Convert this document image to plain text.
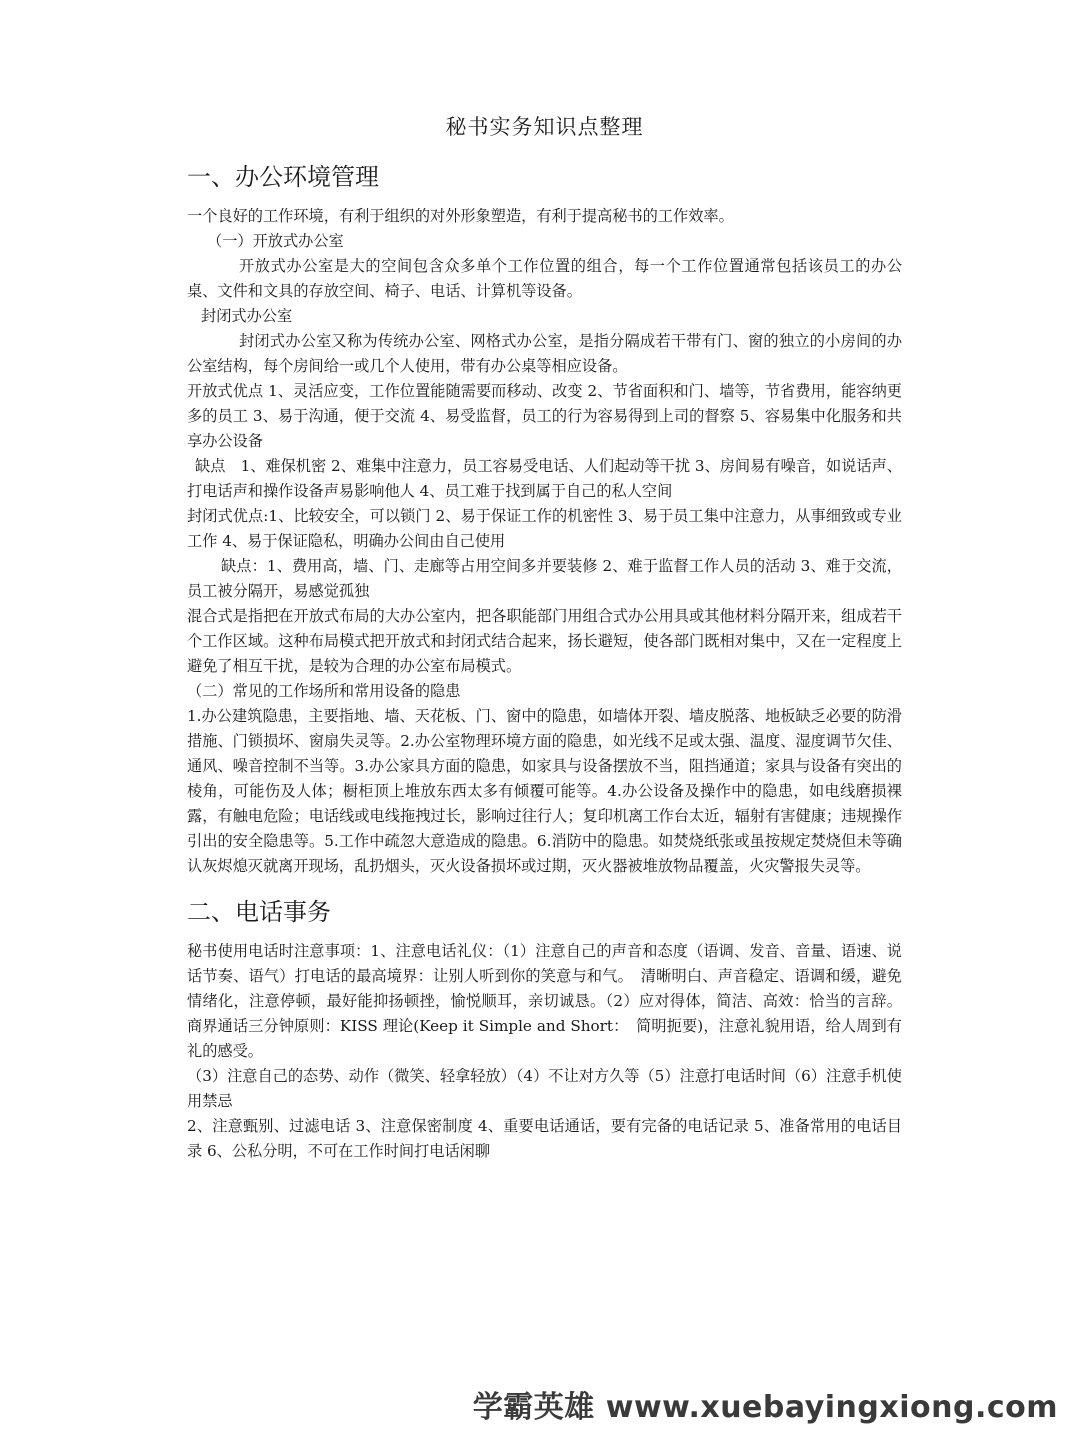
秘书实务知识点整理
一、办公环境管理

一个良好的工作环境，有利于组织的对外形象塑造，有利于提高秘书的工作效率。

（一）开放式办公室

开放式办公室是大的空间包含众多单个工作位置的组合，每一个工作位置通常包括该员工的办公桌、文件和文具的存放空间、椅子、电话、计算机等设备。

封闭式办公室

封闭式办公室又称为传统办公室、网格式办公室，是指分隔成若干带有门、窗的独立的小房间的办公室结构，每个房间给一或几个人使用，带有办公桌等相应设备。

开放式优点 1、灵活应变，工作位置能随需要而移动、改变 2、节省面积和门、墙等，节省费用，能容纳更多的员工 3、易于沟通，便于交流 4、易受监督，员工的行为容易得到上司的督察 5、容易集中化服务和共享办公设备

缺点　1、难保机密 2、难集中注意力，员工容易受电话、人们起动等干扰 3、房间易有噪音，如说话声、打电话声和操作设备声易影响他人 4、员工难于找到属于自己的私人空间

封闭式优点:1、比较安全，可以锁门 2、易于保证工作的机密性 3、易于员工集中注意力，从事细致或专业工作 4、易于保证隐私，明确办公间由自己使用

缺点：1、费用高，墙、门、走廊等占用空间多并要装修 2、难于监督工作人员的活动 3、难于交流，员工被分隔开，易感觉孤独

混合式是指把在开放式布局的大办公室内，把各职能部门用组合式办公用具或其他材料分隔开来，组成若干个工作区域。这种布局模式把开放式和封闭式结合起来，扬长避短，使各部门既相对集中，又在一定程度上避免了相互干扰，是较为合理的办公室布局模式。

（二）常见的工作场所和常用设备的隐患

1.办公建筑隐患，主要指地、墙、天花板、门、窗中的隐患，如墙体开裂、墙皮脱落、地板缺乏必要的防滑措施、门锁损坏、窗扇失灵等。2.办公室物理环境方面的隐患，如光线不足或太强、温度、湿度调节欠佳、通风、噪音控制不当等。3.办公家具方面的隐患，如家具与设备摆放不当，阻挡通道；家具与设备有突出的棱角，可能伤及人体；橱柜顶上堆放东西太多有倾覆可能等。4.办公设备及操作中的隐患，如电线磨损裸露，有触电危险；电话线或电线拖拽过长，影响过往行人；复印机离工作台太近，辐射有害健康；违规操作引出的安全隐患等。5.工作中疏忽大意造成的隐患。6.消防中的隐患。如焚烧纸张或虽按规定焚烧但未等确认灰烬熄灭就离开现场，乱扔烟头，灭火设备损坏或过期，灭火器被堆放物品覆盖，火灾警报失灵等。

二、电话事务

秘书使用电话时注意事项：1、注意电话礼仪：（1）注意自己的声音和态度（语调、发音、音量、语速、说话节奏、语气）打电话的最高境界：让别人听到你的笑意与和气。　清晰明白、声音稳定、语调和缓，避免情绪化，注意停顿，最好能抑扬顿挫，愉悦顺耳，亲切诚恳。（2）应对得体，简洁、高效：恰当的言辞。商界通话三分钟原则：KISS 理论(Keep it Simple and Short：　简明扼要)，注意礼貌用语，给人周到有礼的感受。

（3）注意自己的态势、动作（微笑、轻拿轻放）（4）不让对方久等（5）注意打电话时间（6）注意手机使用禁忌

2、注意甄别、过滤电话 3、注意保密制度 4、重要电话通话，要有完备的电话记录 5、准备常用的电话目录 6、公私分明，不可在工作时间打电话闲聊

学霸英雄 www.xuebayingxiong.com
